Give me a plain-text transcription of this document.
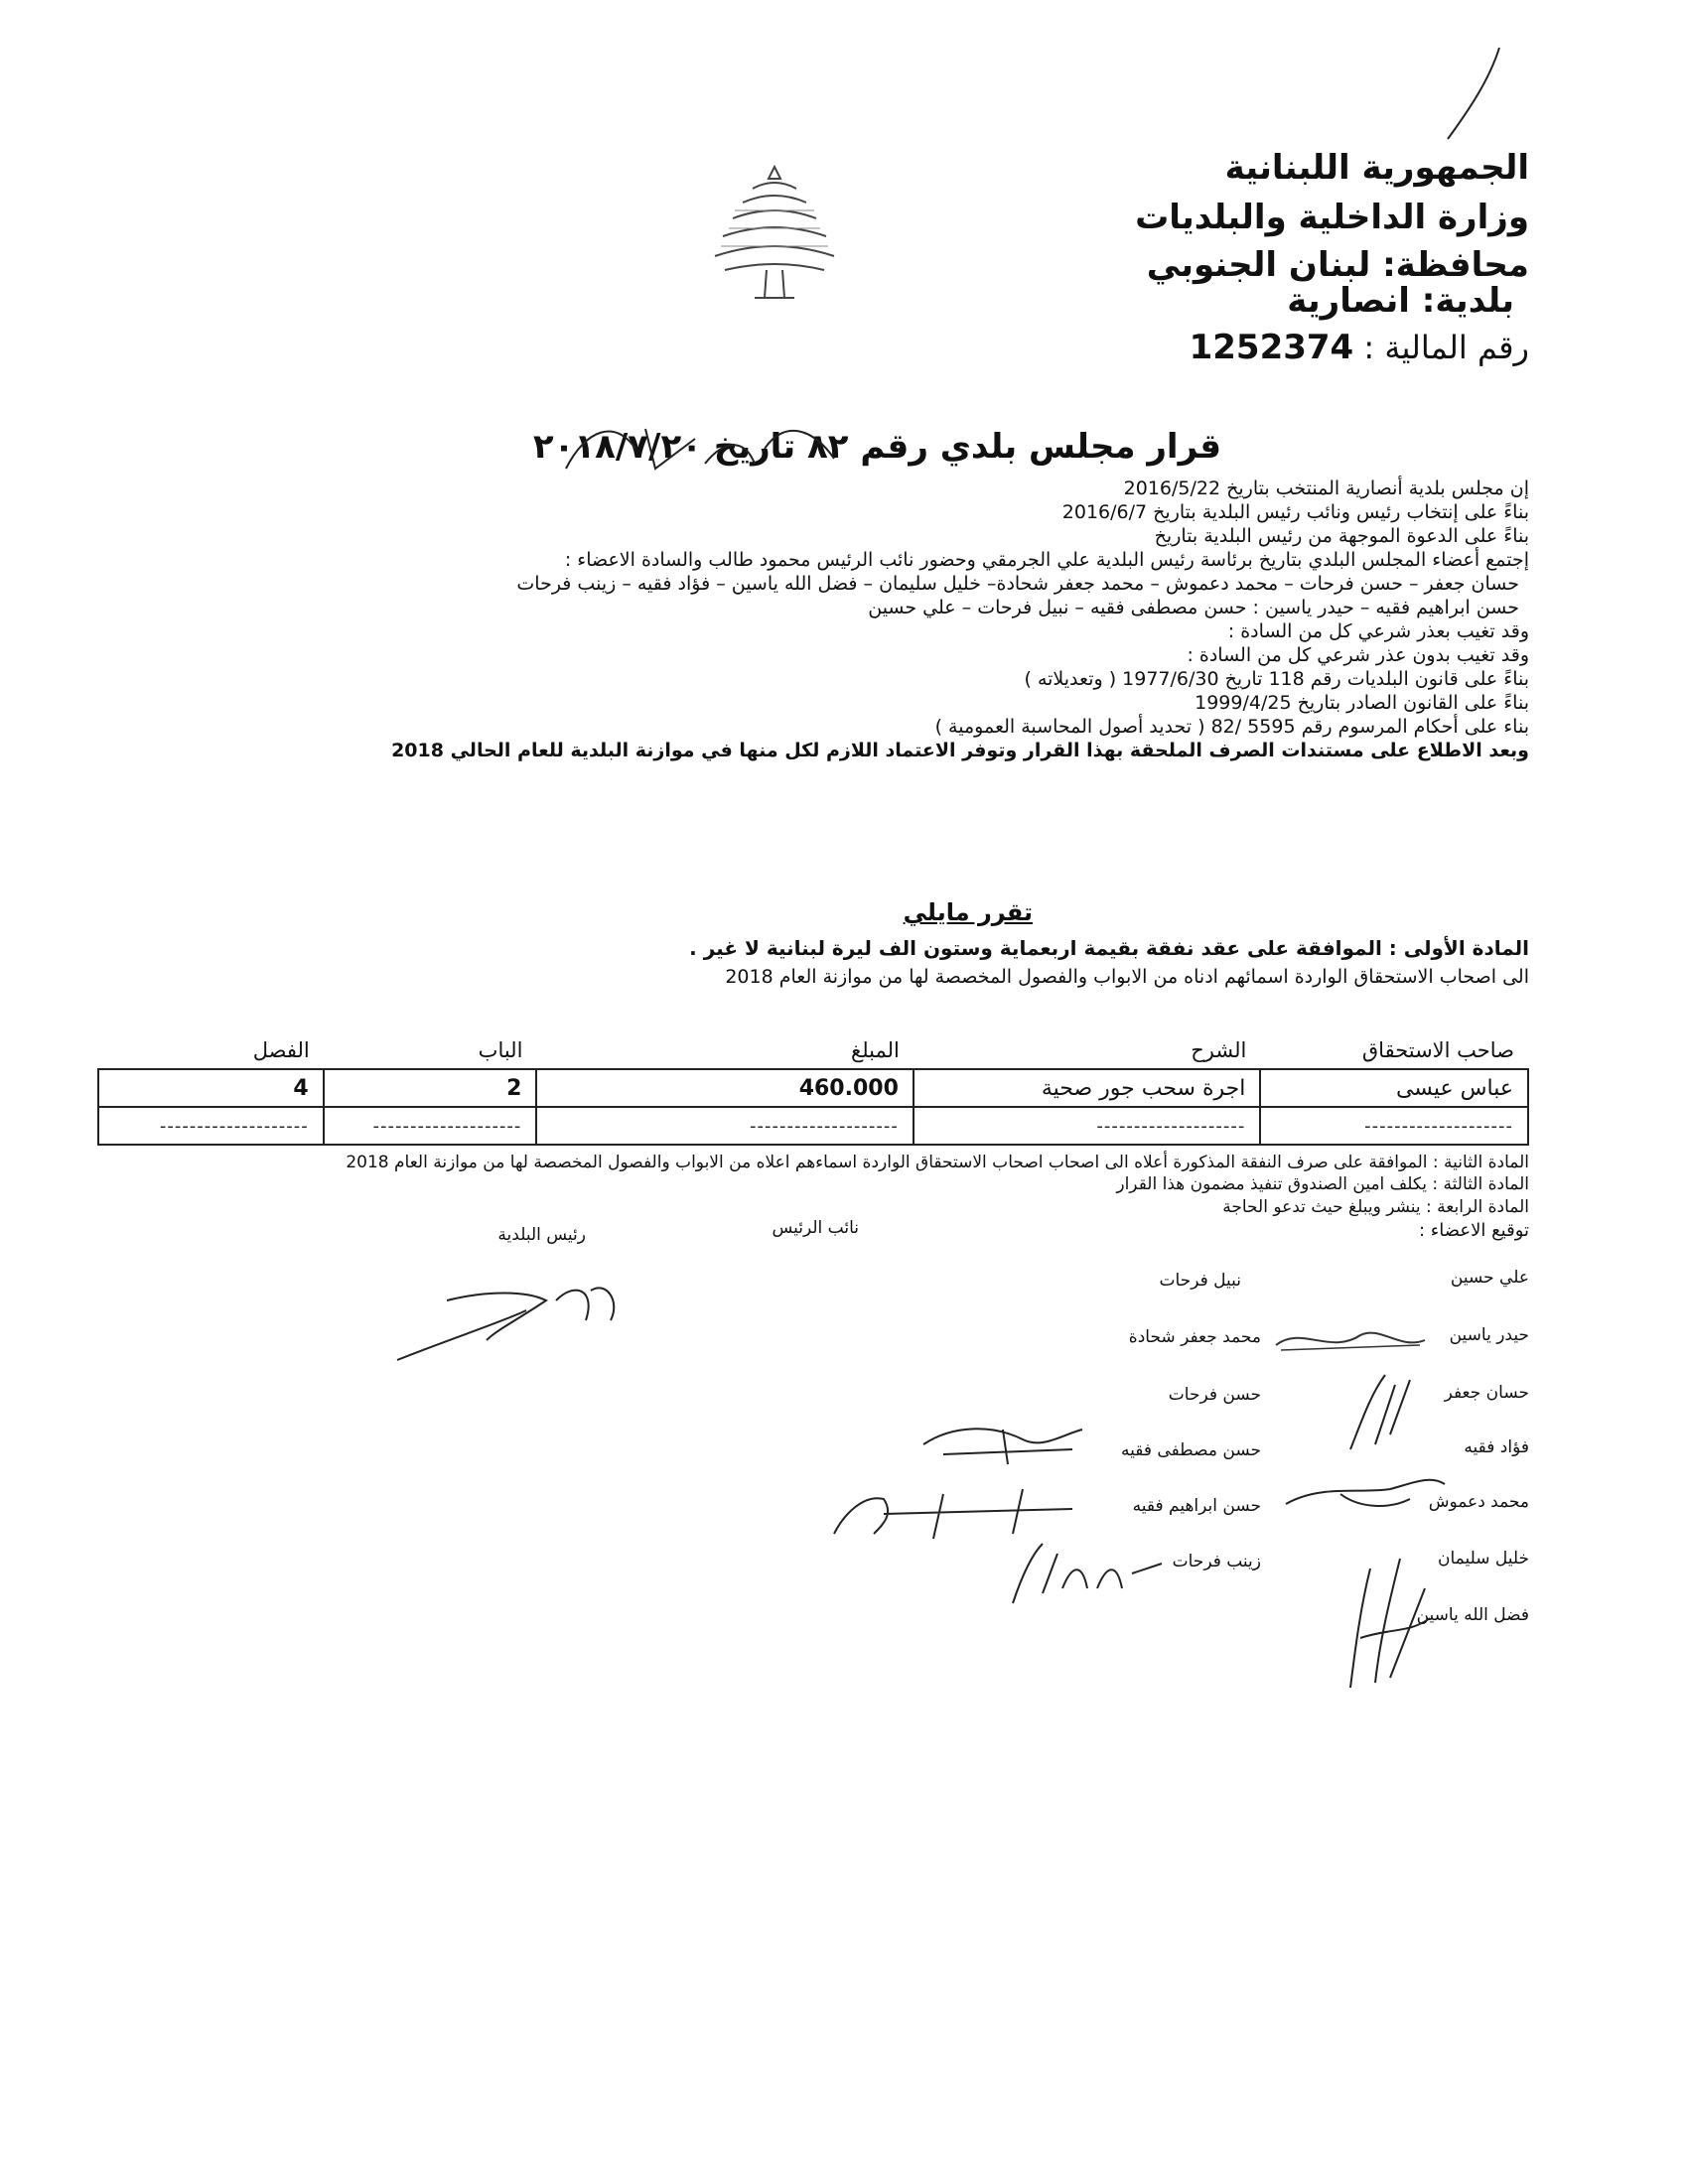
الجمهورية اللبنانية
وزارة الداخلية والبلديات
محافظة: لبنان الجنوبي
بلدية: انصارية
رقم المالية : 1252374
قرار مجلس بلدي رقم ٨٢ تاريخ ٢٠١٨/٧/٢٠
إن مجلس بلدية أنصارية المنتخب بتاريخ 2016/5/22
بناءً على إنتخاب رئيس ونائب رئيس البلدية بتاريخ 2016/6/7
بناءً على الدعوة الموجهة من رئيس البلدية بتاريخ
إجتمع أعضاء المجلس البلدي بتاريخ برئاسة رئيس البلدية علي الجرمقي وحضور نائب الرئيس محمود طالب والسادة الاعضاء :
حسان جعفر – حسن فرحات – محمد دعموش – محمد جعفر شحادة– خليل سليمان – فضل الله ياسين – فؤاد فقيه – زينب فرحات
حسن ابراهيم فقيه – حيدر ياسين : حسن مصطفى فقيه – نبيل فرحات – علي حسين
وقد تغيب بعذر شرعي كل من السادة :
وقد تغيب بدون عذر شرعي كل من السادة :
بناءً على قانون البلديات رقم 118 تاريخ 1977/6/30 ( وتعديلاته )
بناءً على القانون الصادر بتاريخ 1999/4/25
بناء على أحكام المرسوم رقم 5595 /82 ( تحديد أصول المحاسبة العمومية )
وبعد الاطلاع على مستندات الصرف الملحقة بهذا القرار وتوفر الاعتماد اللازم لكل منها في موازنة البلدية للعام الحالي 2018
تقرر مايلي
المادة الأولى : الموافقة على عقد نفقة بقيمة اربعماية وستون الف ليرة لبنانية لا غير .
الى اصحاب الاستحقاق الواردة اسمائهم ادناه من الابواب والفصول المخصصة لها من موازنة العام 2018
صاحب الاستحقاق	الشرح	المبلغ	الباب	الفصل
عباس عيسى	اجرة سحب جور صحية	460.000	2	4
--------------------	--------------------	--------------------	--------------------	--------------------
المادة الثانية : الموافقة على صرف النفقة المذكورة أعلاه الى اصحاب اصحاب الاستحقاق الواردة اسماءهم اعلاه من الابواب والفصول المخصصة لها من موازنة العام 2018
المادة الثالثة : يكلف امين الصندوق تنفيذ مضمون هذا القرار
المادة الرابعة : ينشر ويبلغ حيث تدعو الحاجة
توقيع الاعضاء :
نائب الرئيس
رئيس البلدية
علي حسين
حيدر ياسين
حسان جعفر
فؤاد فقيه
محمد دعموش
خليل سليمان
فضل الله ياسين
نبيل فرحات
محمد جعفر شحادة
حسن فرحات
حسن مصطفى فقيه
حسن ابراهيم فقيه
زينب فرحات
